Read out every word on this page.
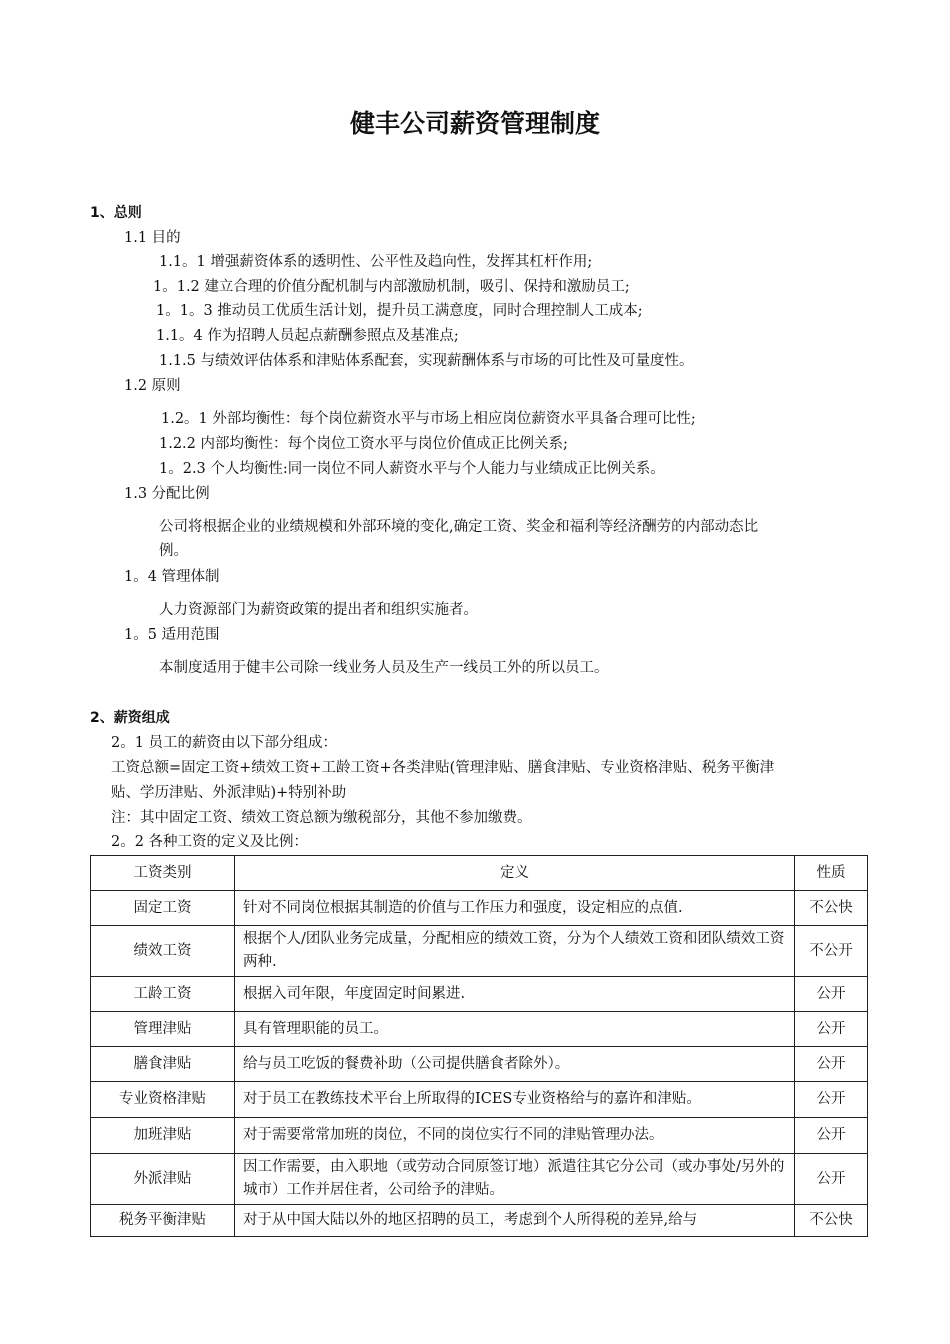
健丰公司薪资管理制度
1、总则
1.1 目的
1.1。1 增强薪资体系的透明性、公平性及趋向性，发挥其杠杆作用;
1。1.2 建立合理的价值分配机制与内部激励机制，吸引、保持和激励员工;
1。1。3 推动员工优质生活计划，提升员工满意度，同时合理控制人工成本;
1.1。4 作为招聘人员起点薪酬参照点及基准点;
1.1.5 与绩效评估体系和津贴体系配套，实现薪酬体系与市场的可比性及可量度性。
1.2 原则
1.2。1 外部均衡性：每个岗位薪资水平与市场上相应岗位薪资水平具备合理可比性;
1.2.2 内部均衡性：每个岗位工资水平与岗位价值成正比例关系;
1。2.3 个人均衡性:同一岗位不同人薪资水平与个人能力与业绩成正比例关系。
1.3 分配比例
公司将根据企业的业绩规模和外部环境的变化,确定工资、奖金和福利等经济酬劳的内部动态比
例。
1。4 管理体制
人力资源部门为薪资政策的提出者和组织实施者。
1。5 适用范围
本制度适用于健丰公司除一线业务人员及生产一线员工外的所以员工。
2、薪资组成
2。1 员工的薪资由以下部分组成：
工资总额=固定工资+绩效工资+工龄工资+各类津贴(管理津贴、膳食津贴、专业资格津贴、税务平衡津
贴、学历津贴、外派津贴)+特别补助
注：其中固定工资、绩效工资总额为缴税部分，其他不参加缴费。
2。2 各种工资的定义及比例：
工资类别	定义	性质
固定工资	针对不同岗位根据其制造的价值与工作压力和强度，设定相应的点值.	不公快
绩效工资	根据个人/团队业务完成量，分配相应的绩效工资，分为个人绩效工资和团队绩效工资两种.	不公开
工龄工资	根据入司年限，年度固定时间累进.	公开
管理津贴	具有管理职能的员工。	公开
膳食津贴	给与员工吃饭的餐费补助（公司提供膳食者除外）。	公开
专业资格津贴	对于员工在教练技术平台上所取得的ICES专业资格给与的嘉许和津贴。	公开
加班津贴	对于需要常常加班的岗位，不同的岗位实行不同的津贴管理办法。	公开
外派津贴	因工作需要，由入职地（或劳动合同原签订地）派遣往其它分公司（或办事处/另外的城市）工作并居住者，公司给予的津贴。	公开
税务平衡津贴	对于从中国大陆以外的地区招聘的员工，考虑到个人所得税的差异,给与	不公快
